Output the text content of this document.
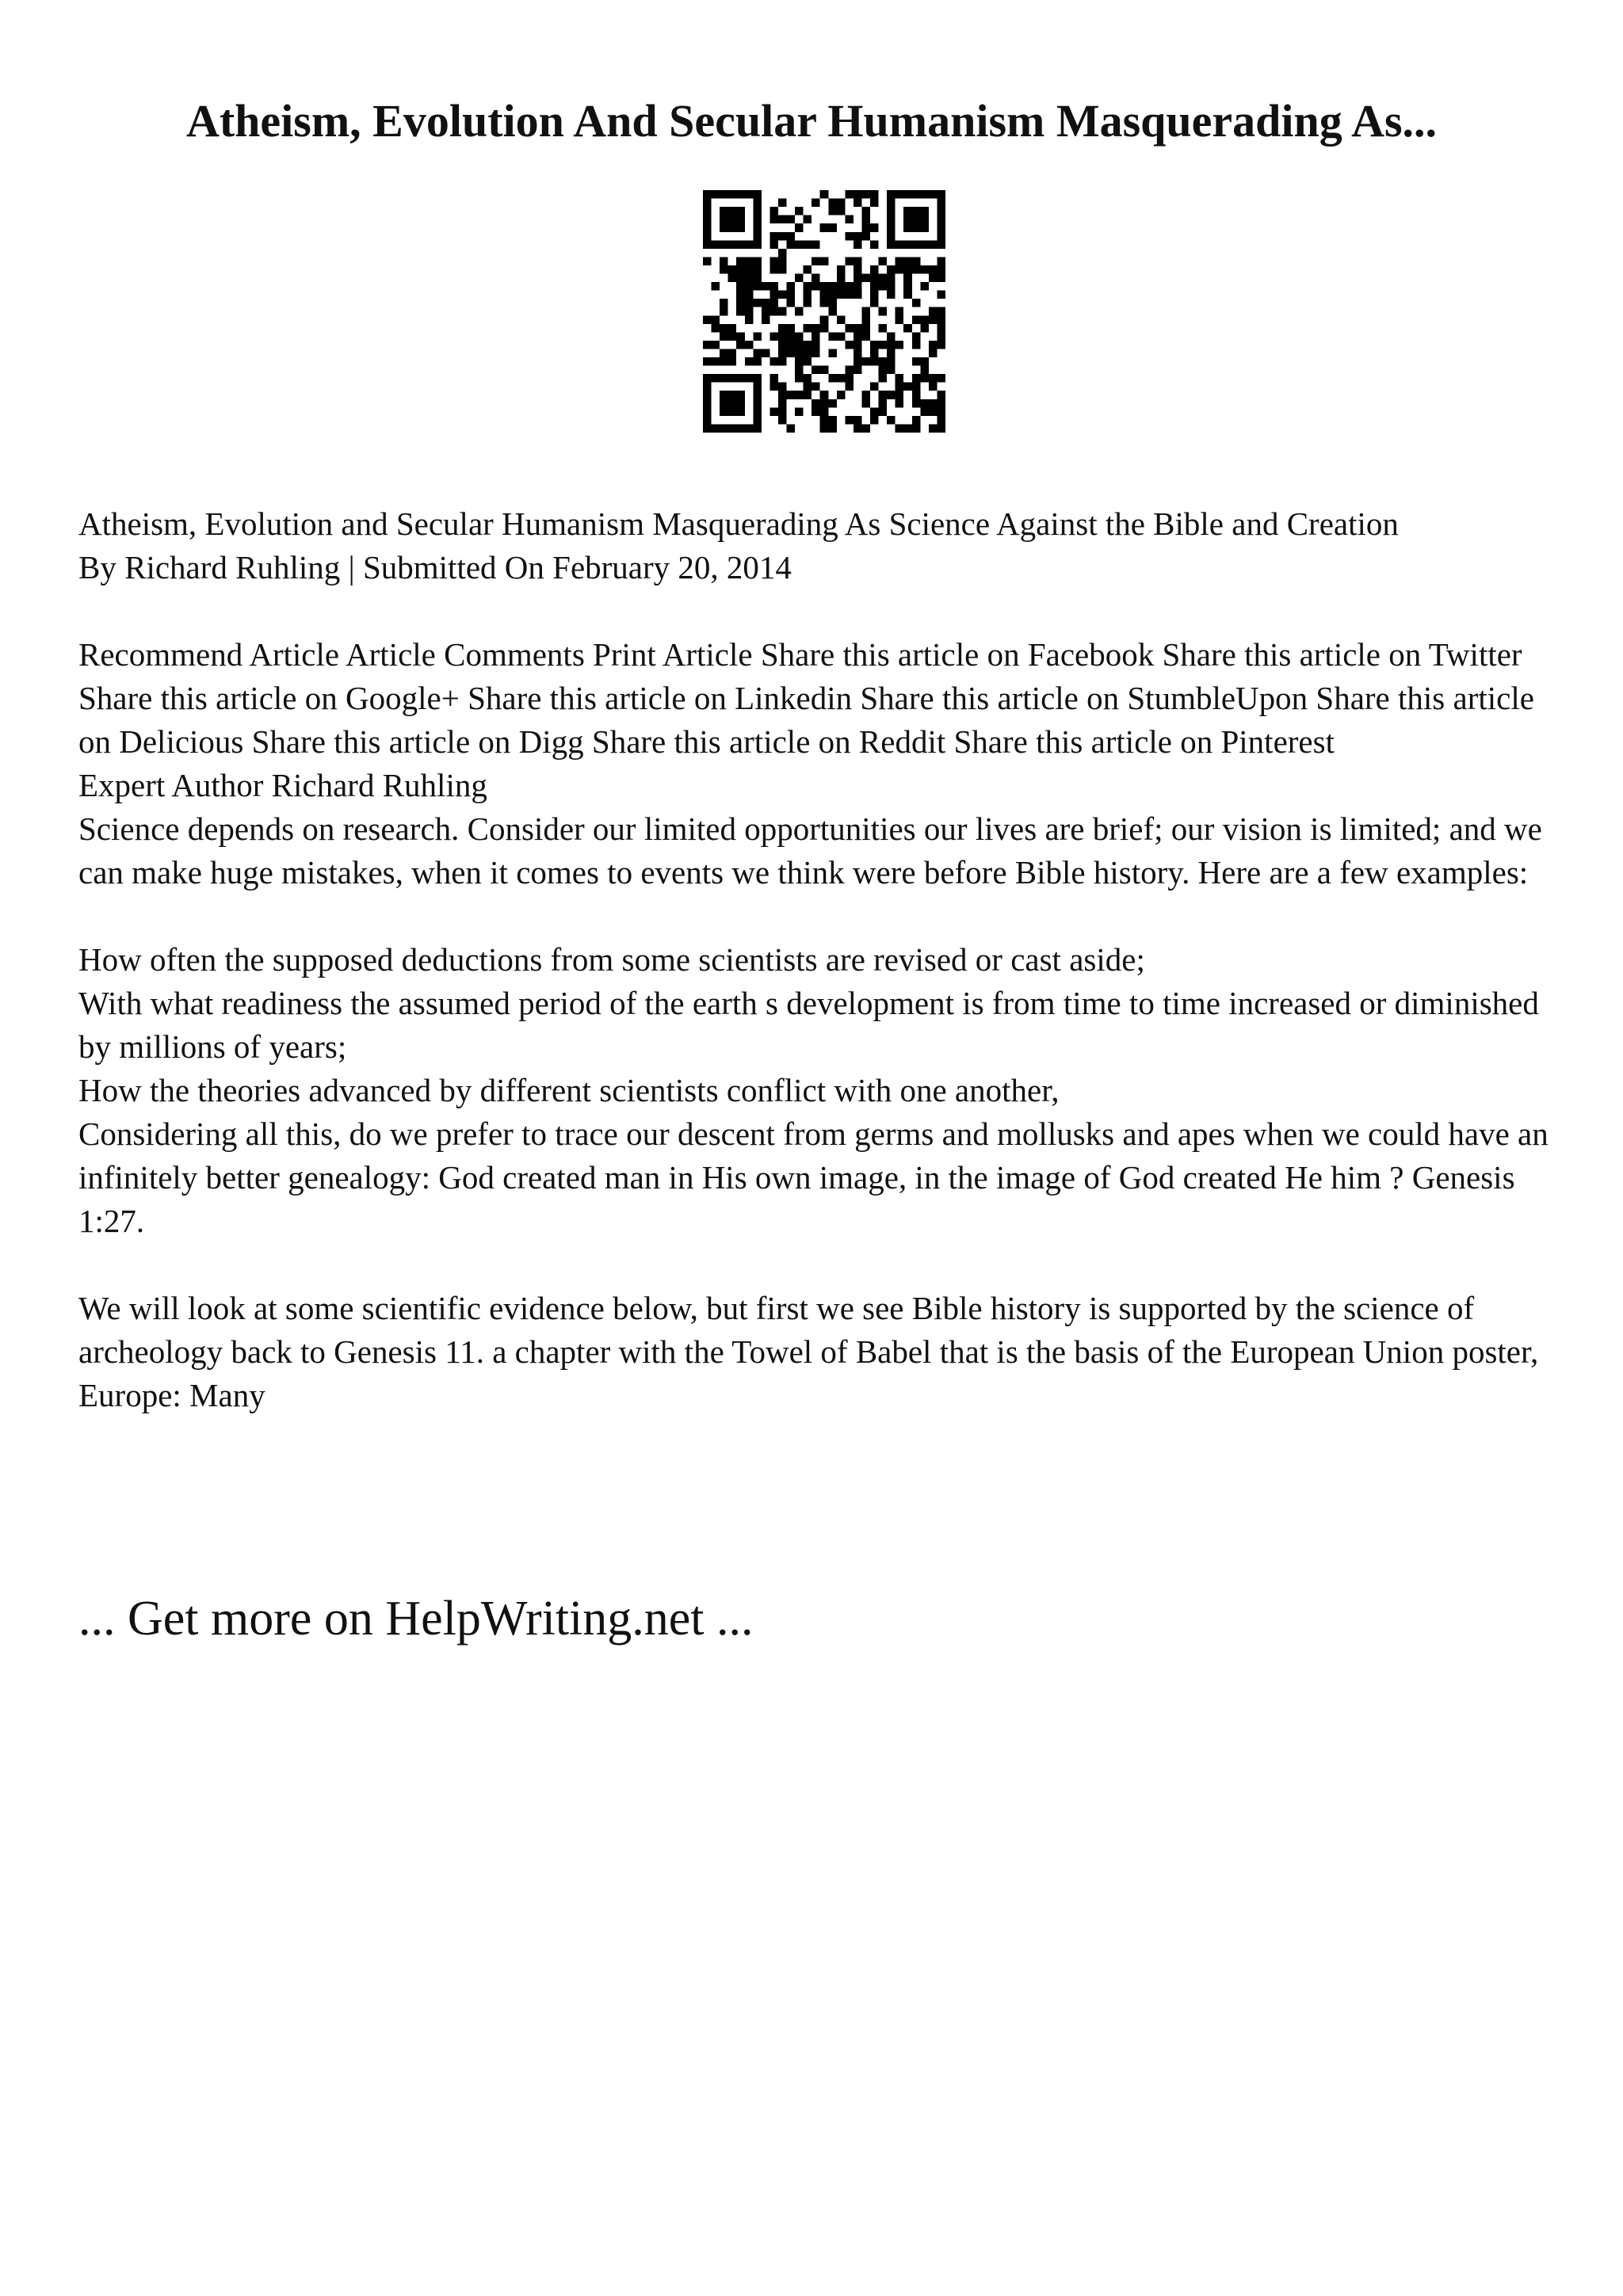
Atheism, Evolution And Secular Humanism Masquerading As...

Atheism, Evolution and Secular Humanism Masquerading As Science Against the Bible and Creation

By Richard Ruhling | Submitted On February 20, 2014

Recommend Article Article Comments Print Article Share this article on Facebook Share this article on Twitter Share this article on Google+ Share this article on Linkedin Share this article on StumbleUpon Share this article on Delicious Share this article on Digg Share this article on Reddit Share this article on Pinterest

Expert Author Richard Ruhling

Science depends on research. Consider our limited opportunities our lives are brief; our vision is limited; and we can make huge mistakes, when it comes to events we think were before Bible history. Here are a few examples:

How often the supposed deductions from some scientists are revised or cast aside;

With what readiness the assumed period of the earth s development is from time to time increased or diminished by millions of years;

How the theories advanced by different scientists conflict with one another,

Considering all this, do we prefer to trace our descent from germs and mollusks and apes when we could have an infinitely better genealogy: God created man in His own image, in the image of God created He him ? Genesis 1:27.

We will look at some scientific evidence below, but first we see Bible history is supported by the science of archeology back to Genesis 11. a chapter with the Towel of Babel that is the basis of the European Union poster, Europe: Many

... Get more on HelpWriting.net ...
